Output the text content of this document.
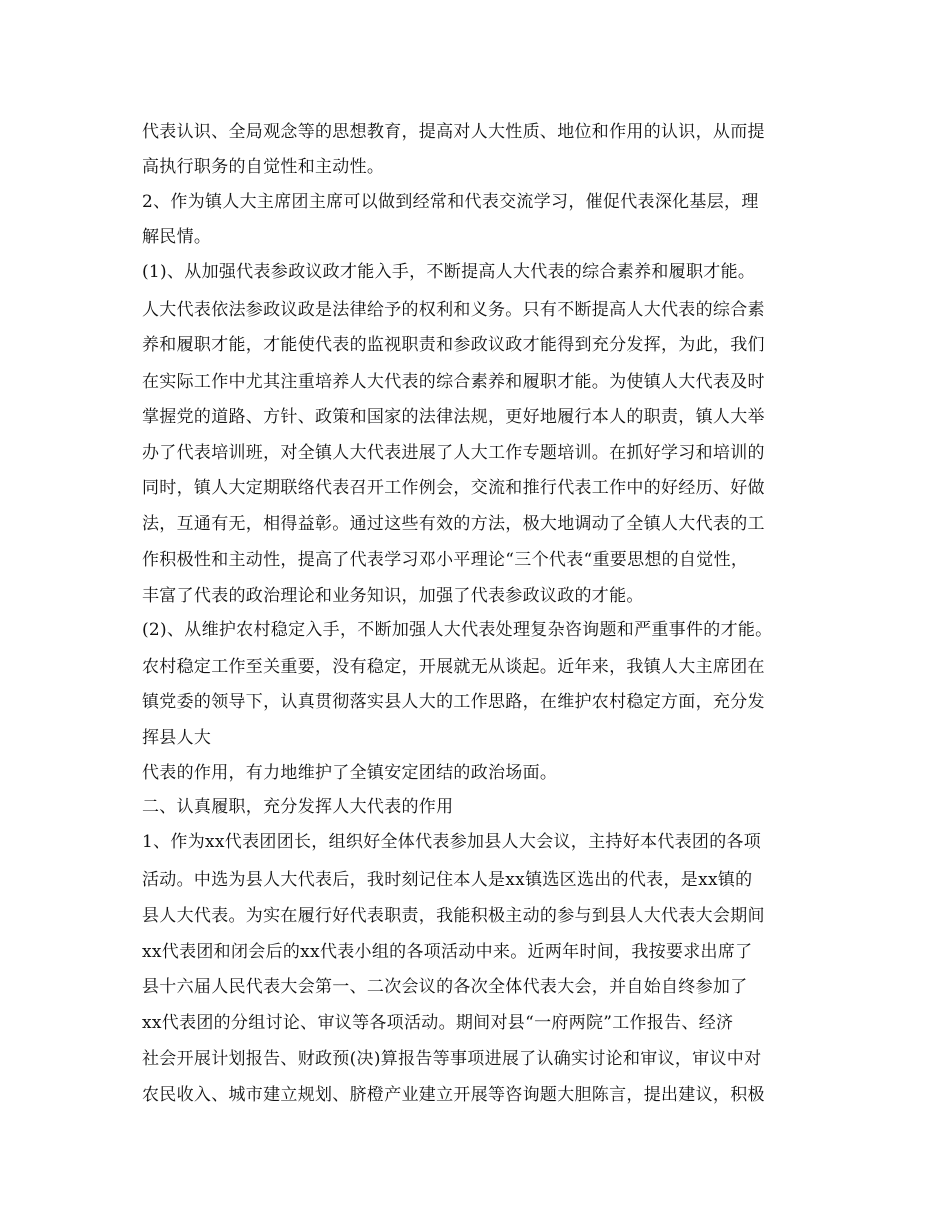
代表认识、全局观念等的思想教育，提高对人大性质、地位和作用的认识，从而提
高执行职务的自觉性和主动性。
2、作为镇人大主席团主席可以做到经常和代表交流学习，催促代表深化基层，理
解民情。
(1)、从加强代表参政议政才能入手，不断提高人大代表的综合素养和履职才能。
人大代表依法参政议政是法律给予的权利和义务。只有不断提高人大代表的综合素
养和履职才能，才能使代表的监视职责和参政议政才能得到充分发挥，为此，我们
在实际工作中尤其注重培养人大代表的综合素养和履职才能。为使镇人大代表及时
掌握党的道路、方针、政策和国家的法律法规，更好地履行本人的职责，镇人大举
办了代表培训班，对全镇人大代表进展了人大工作专题培训。在抓好学习和培训的
同时，镇人大定期联络代表召开工作例会，交流和推行代表工作中的好经历、好做
法，互通有无，相得益彰。通过这些有效的方法，极大地调动了全镇人大代表的工
作积极性和主动性，提高了代表学习邓小平理论“三个代表“重要思想的自觉性，
丰富了代表的政治理论和业务知识，加强了代表参政议政的才能。
(2)、从维护农村稳定入手，不断加强人大代表处理复杂咨询题和严重事件的才能。
农村稳定工作至关重要，没有稳定，开展就无从谈起。近年来，我镇人大主席团在
镇党委的领导下，认真贯彻落实县人大的工作思路，在维护农村稳定方面，充分发
挥县人大
代表的作用，有力地维护了全镇安定团结的政治场面。
二、认真履职，充分发挥人大代表的作用
1、作为xx代表团团长，组织好全体代表参加县人大会议，主持好本代表团的各项
活动。中选为县人大代表后，我时刻记住本人是xx镇选区选出的代表，是xx镇的
县人大代表。为实在履行好代表职责，我能积极主动的参与到县人大代表大会期间
xx代表团和闭会后的xx代表小组的各项活动中来。近两年时间，我按要求出席了
县十六届人民代表大会第一、二次会议的各次全体代表大会，并自始自终参加了
xx代表团的分组讨论、审议等各项活动。期间对县“一府两院”工作报告、经济
社会开展计划报告、财政预(决)算报告等事项进展了认确实讨论和审议，审议中对
农民收入、城市建立规划、脐橙产业建立开展等咨询题大胆陈言，提出建议，积极
